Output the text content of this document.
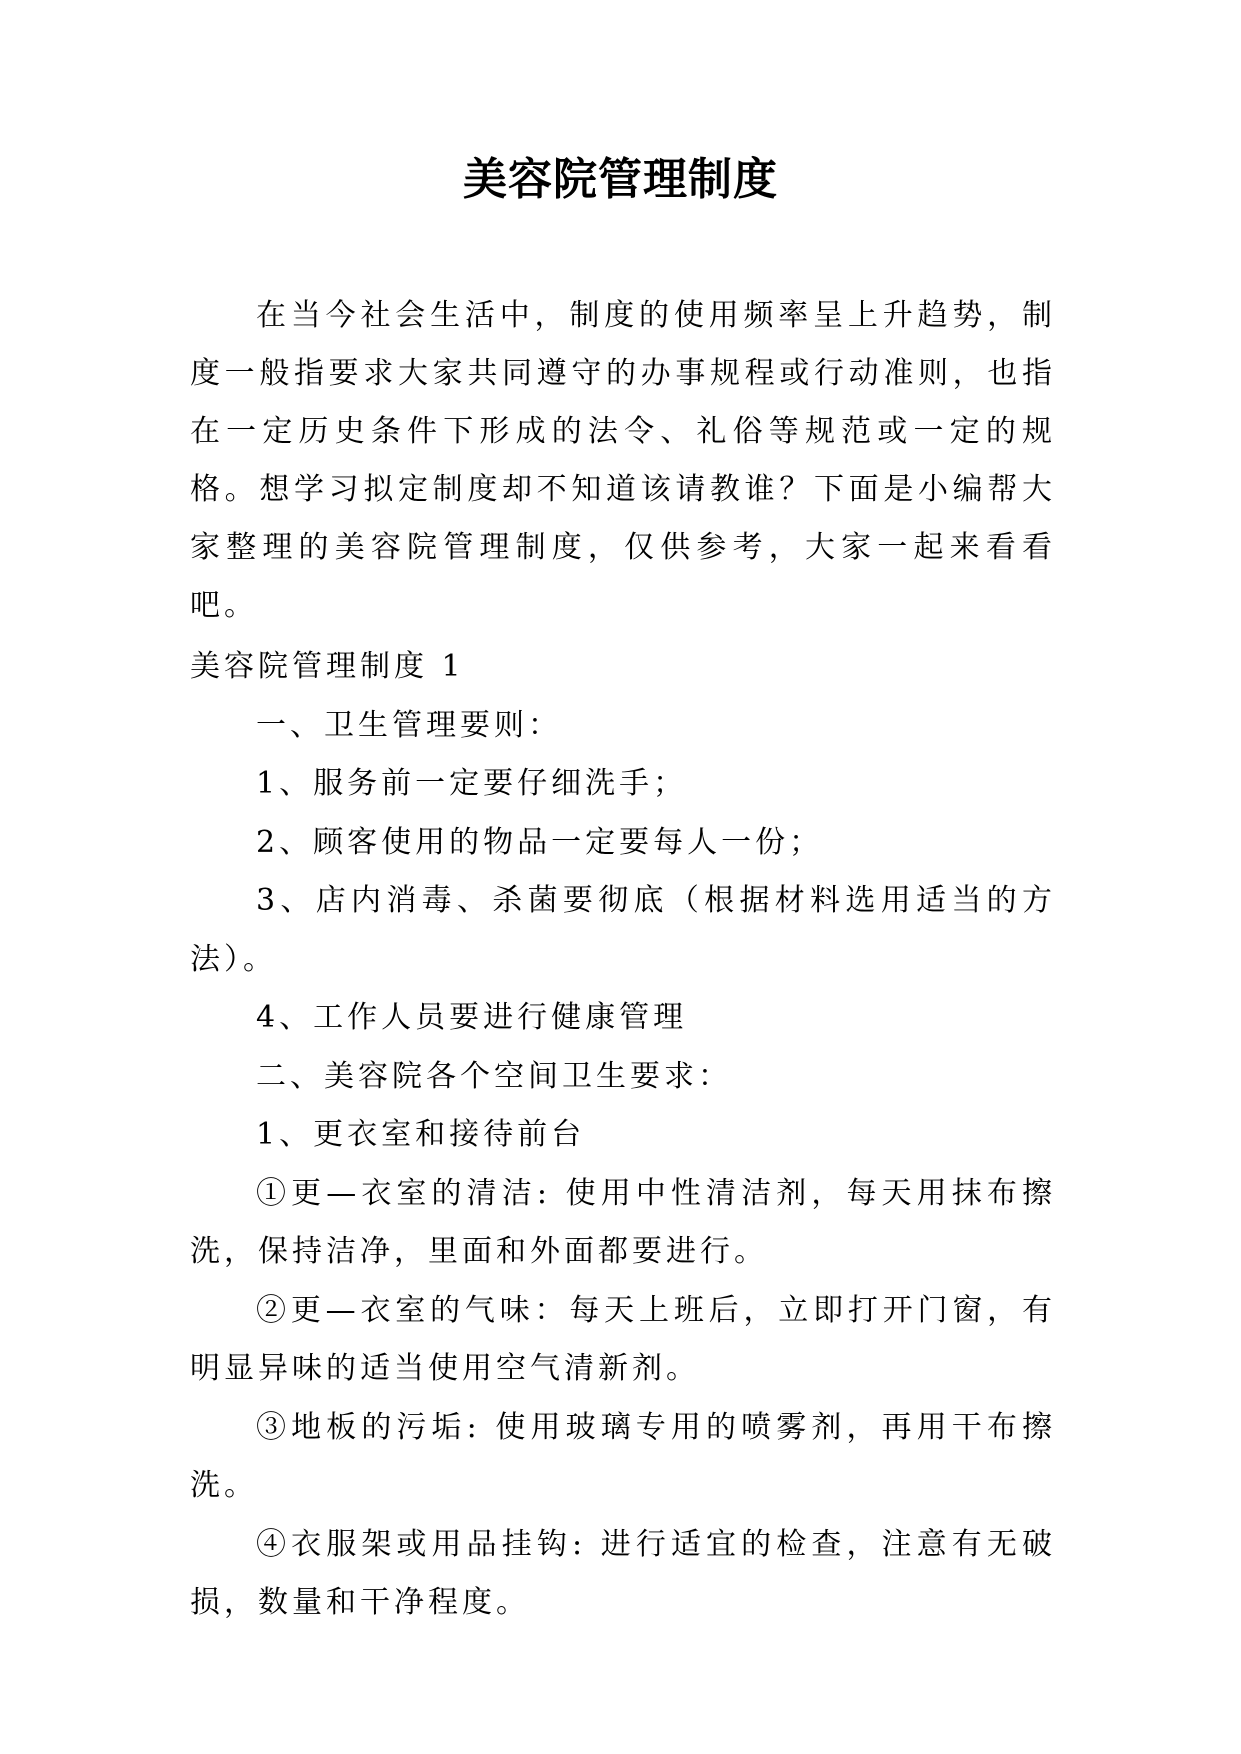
美容院管理制度

在当今社会生活中，制度的使用频率呈上升趋势，制度一般指要求大家共同遵守的办事规程或行动准则，也指在一定历史条件下形成的法令、礼俗等规范或一定的规格。想学习拟定制度却不知道该请教谁？下面是小编帮大家整理的美容院管理制度，仅供参考，大家一起来看看吧。

美容院管理制度 1

一、卫生管理要则：

1、服务前一定要仔细洗手；

2、顾客使用的物品一定要每人一份；

3、店内消毒、杀菌要彻底（根据材料选用适当的方法）。

4、工作人员要进行健康管理

二、美容院各个空间卫生要求：

1、更衣室和接待前台

①更—衣室的清洁: 使用中性清洁剂，每天用抹布擦洗，保持洁净，里面和外面都要进行。

②更—衣室的气味：每天上班后，立即打开门窗，有明显异味的适当使用空气清新剂。

③地板的污垢: 使用玻璃专用的喷雾剂，再用干布擦洗。

④衣服架或用品挂钩: 进行适宜的检查，注意有无破损，数量和干净程度。
